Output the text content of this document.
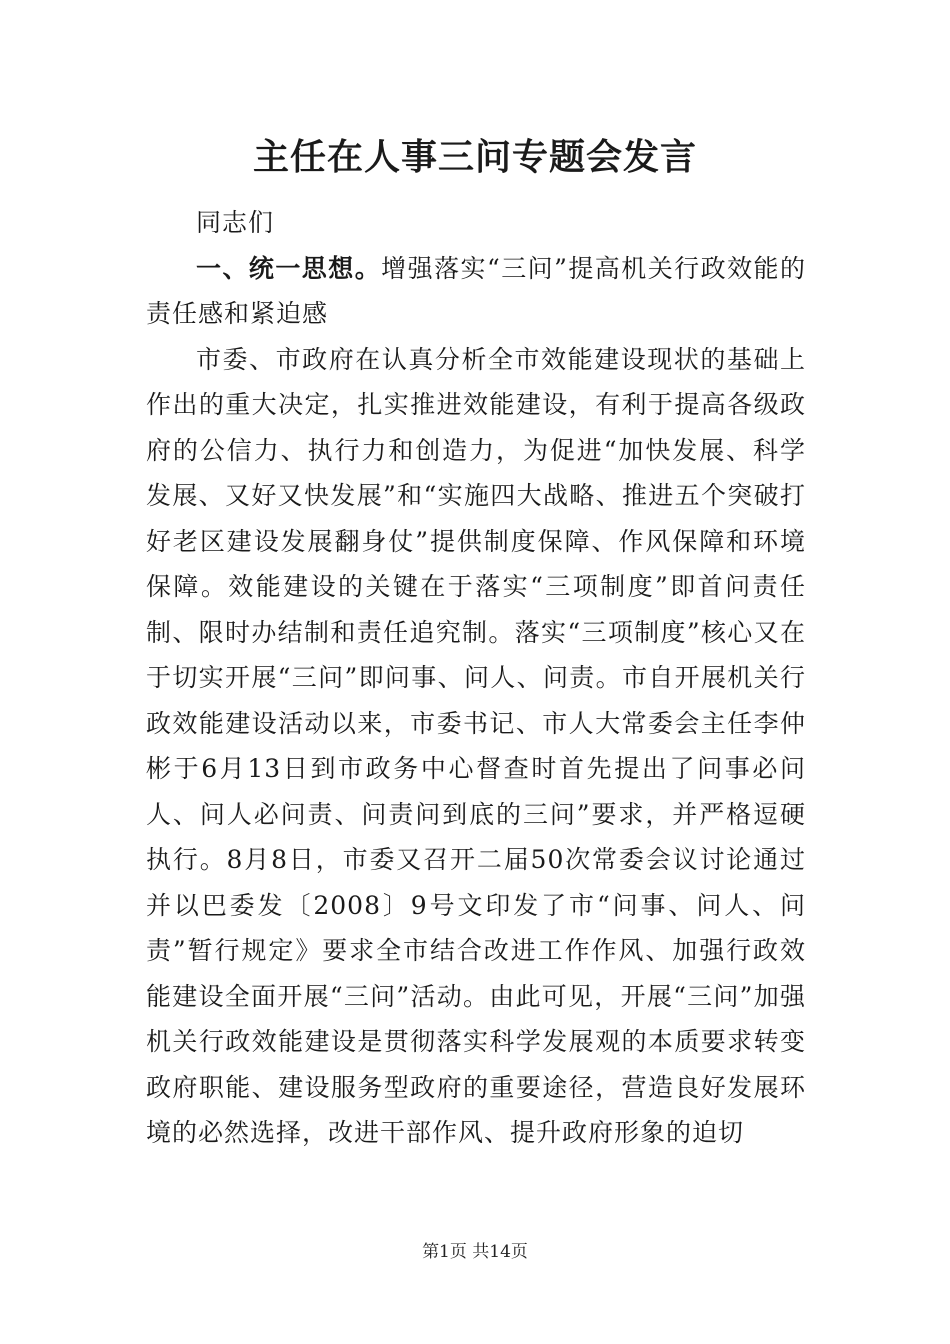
主任在人事三问专题会发言

同志们

一、统一思想。增强落实“三问”提高机关行政效能的责任感和紧迫感

市委、市政府在认真分析全市效能建设现状的基础上作出的重大决定，扎实推进效能建设，有利于提高各级政府的公信力、执行力和创造力，为促进“加快发展、科学发展、又好又快发展”和“实施四大战略、推进五个突破打好老区建设发展翻身仗”提供制度保障、作风保障和环境保障。效能建设的关键在于落实“三项制度”即首问责任制、限时办结制和责任追究制。落实“三项制度”核心又在于切实开展“三问”即问事、问人、问责。市自开展机关行政效能建设活动以来，市委书记、市人大常委会主任李仲彬于6月13日到市政务中心督查时首先提出了问事必问人、问人必问责、问责问到底的三问”要求，并严格逗硬执行。8月8日，市委又召开二届50次常委会议讨论通过并以巴委发〔2008〕9号文印发了市“问事、问人、问责”暂行规定》要求全市结合改进工作作风、加强行政效能建设全面开展“三问”活动。由此可见，开展“三问”加强机关行政效能建设是贯彻落实科学发展观的本质要求转变政府职能、建设服务型政府的重要途径，营造良好发展环境的必然选择，改进干部作风、提升政府形象的迫切

第1页 共14页
